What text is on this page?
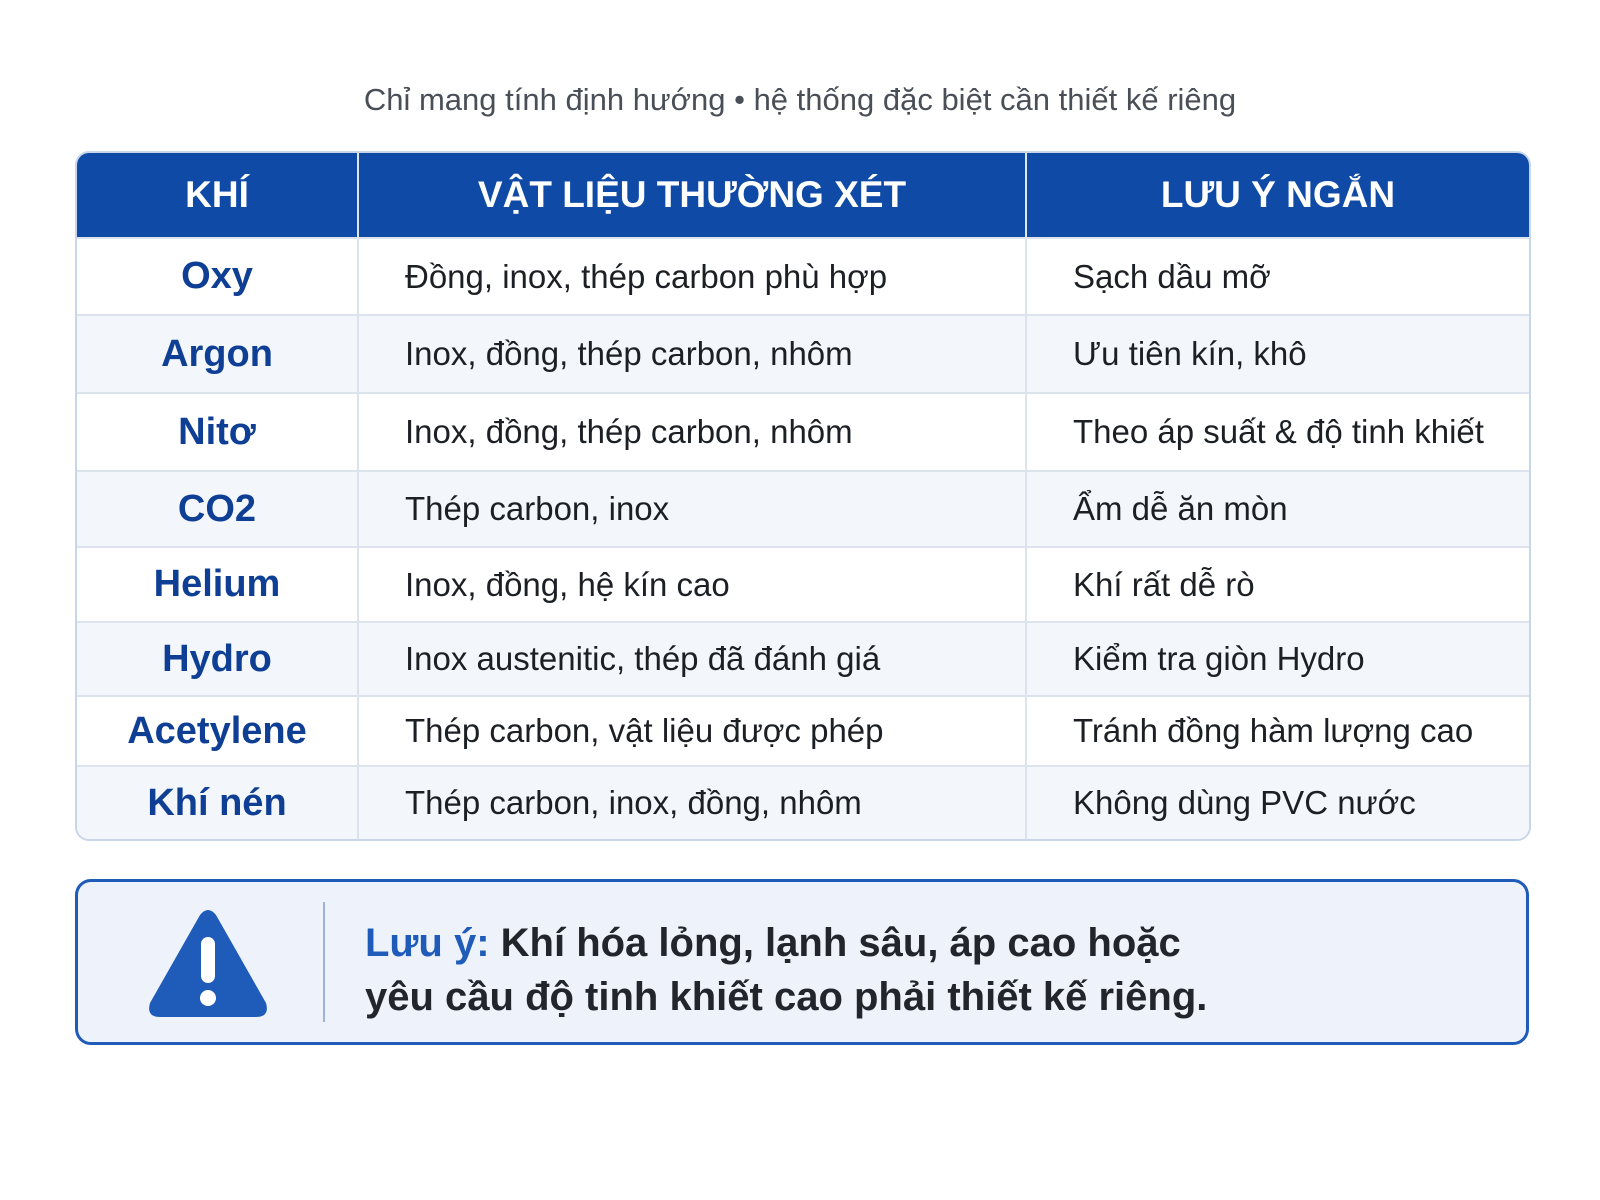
Chỉ mang tính định hướng • hệ thống đặc biệt cần thiết kế riêng
KHÍ	VẬT LIỆU THƯỜNG XÉT	LƯU Ý NGẮN
Oxy	Đồng, inox, thép carbon phù hợp	Sạch dầu mỡ
Argon	Inox, đồng, thép carbon, nhôm	Ưu tiên kín, khô
Nitơ	Inox, đồng, thép carbon, nhôm	Theo áp suất & độ tinh khiết
CO2	Thép carbon, inox	Ẩm dễ ăn mòn
Helium	Inox, đồng, hệ kín cao	Khí rất dễ rò
Hydro	Inox austenitic, thép đã đánh giá	Kiểm tra giòn Hydro
Acetylene	Thép carbon, vật liệu được phép	Tránh đồng hàm lượng cao
Khí nén	Thép carbon, inox, đồng, nhôm	Không dùng PVC nước
Lưu ý: Khí hóa lỏng, lạnh sâu, áp cao hoặc
yêu cầu độ tinh khiết cao phải thiết kế riêng.
